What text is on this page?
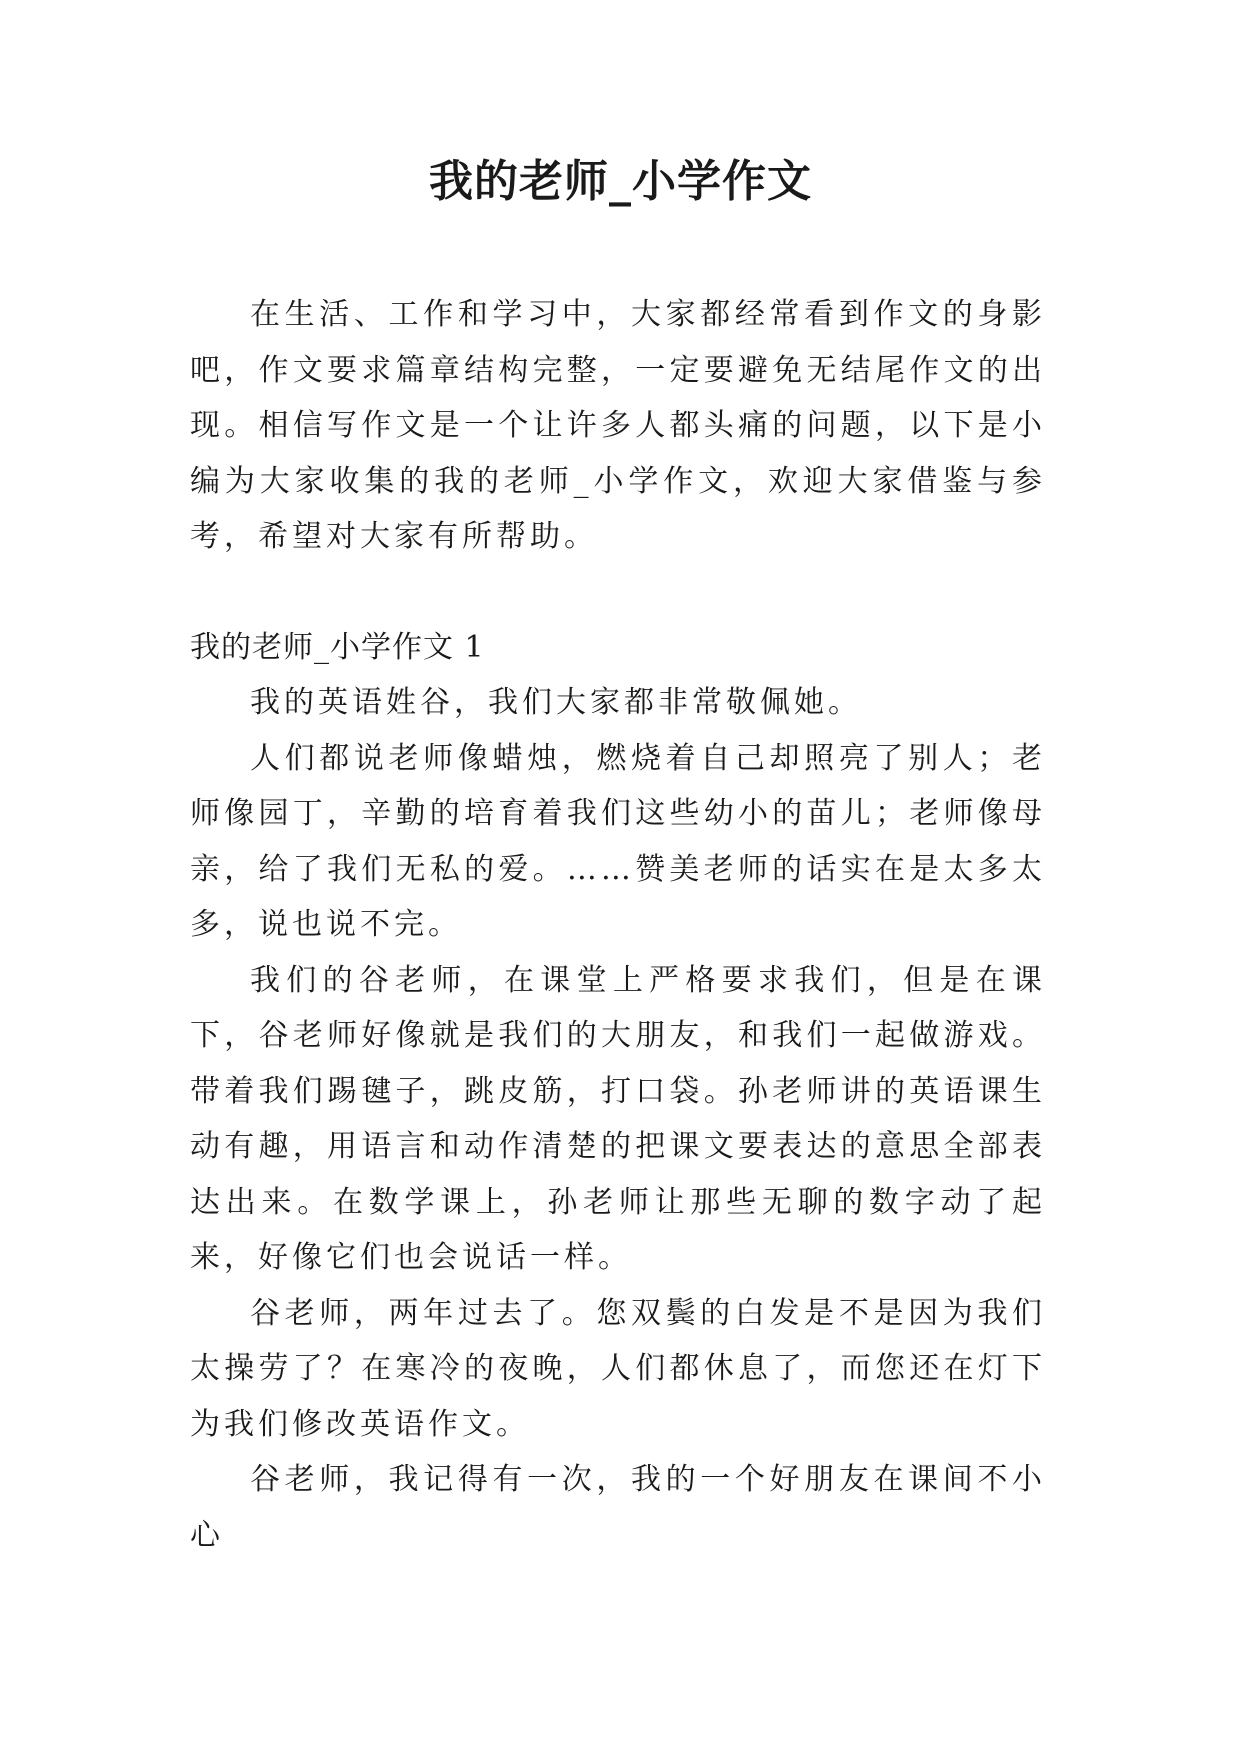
我的老师_小学作文

在生活、工作和学习中，大家都经常看到作文的身影吧，作文要求篇章结构完整，一定要避免无结尾作文的出现。相信写作文是一个让许多人都头痛的问题，以下是小编为大家收集的我的老师_小学作文，欢迎大家借鉴与参考，希望对大家有所帮助。

我的老师_小学作文 1

我的英语姓谷，我们大家都非常敬佩她。

人们都说老师像蜡烛，燃烧着自己却照亮了别人；老师像园丁，辛勤的培育着我们这些幼小的苗儿；老师像母亲，给了我们无私的爱。……赞美老师的话实在是太多太多，说也说不完。

我们的谷老师，在课堂上严格要求我们，但是在课下，谷老师好像就是我们的大朋友，和我们一起做游戏。带着我们踢毽子，跳皮筋，打口袋。孙老师讲的英语课生动有趣，用语言和动作清楚的把课文要表达的意思全部表达出来。在数学课上，孙老师让那些无聊的数字动了起来，好像它们也会说话一样。

谷老师，两年过去了。您双鬓的白发是不是因为我们太操劳了？在寒冷的夜晚，人们都休息了，而您还在灯下为我们修改英语作文。

谷老师，我记得有一次，我的一个好朋友在课间不小心
